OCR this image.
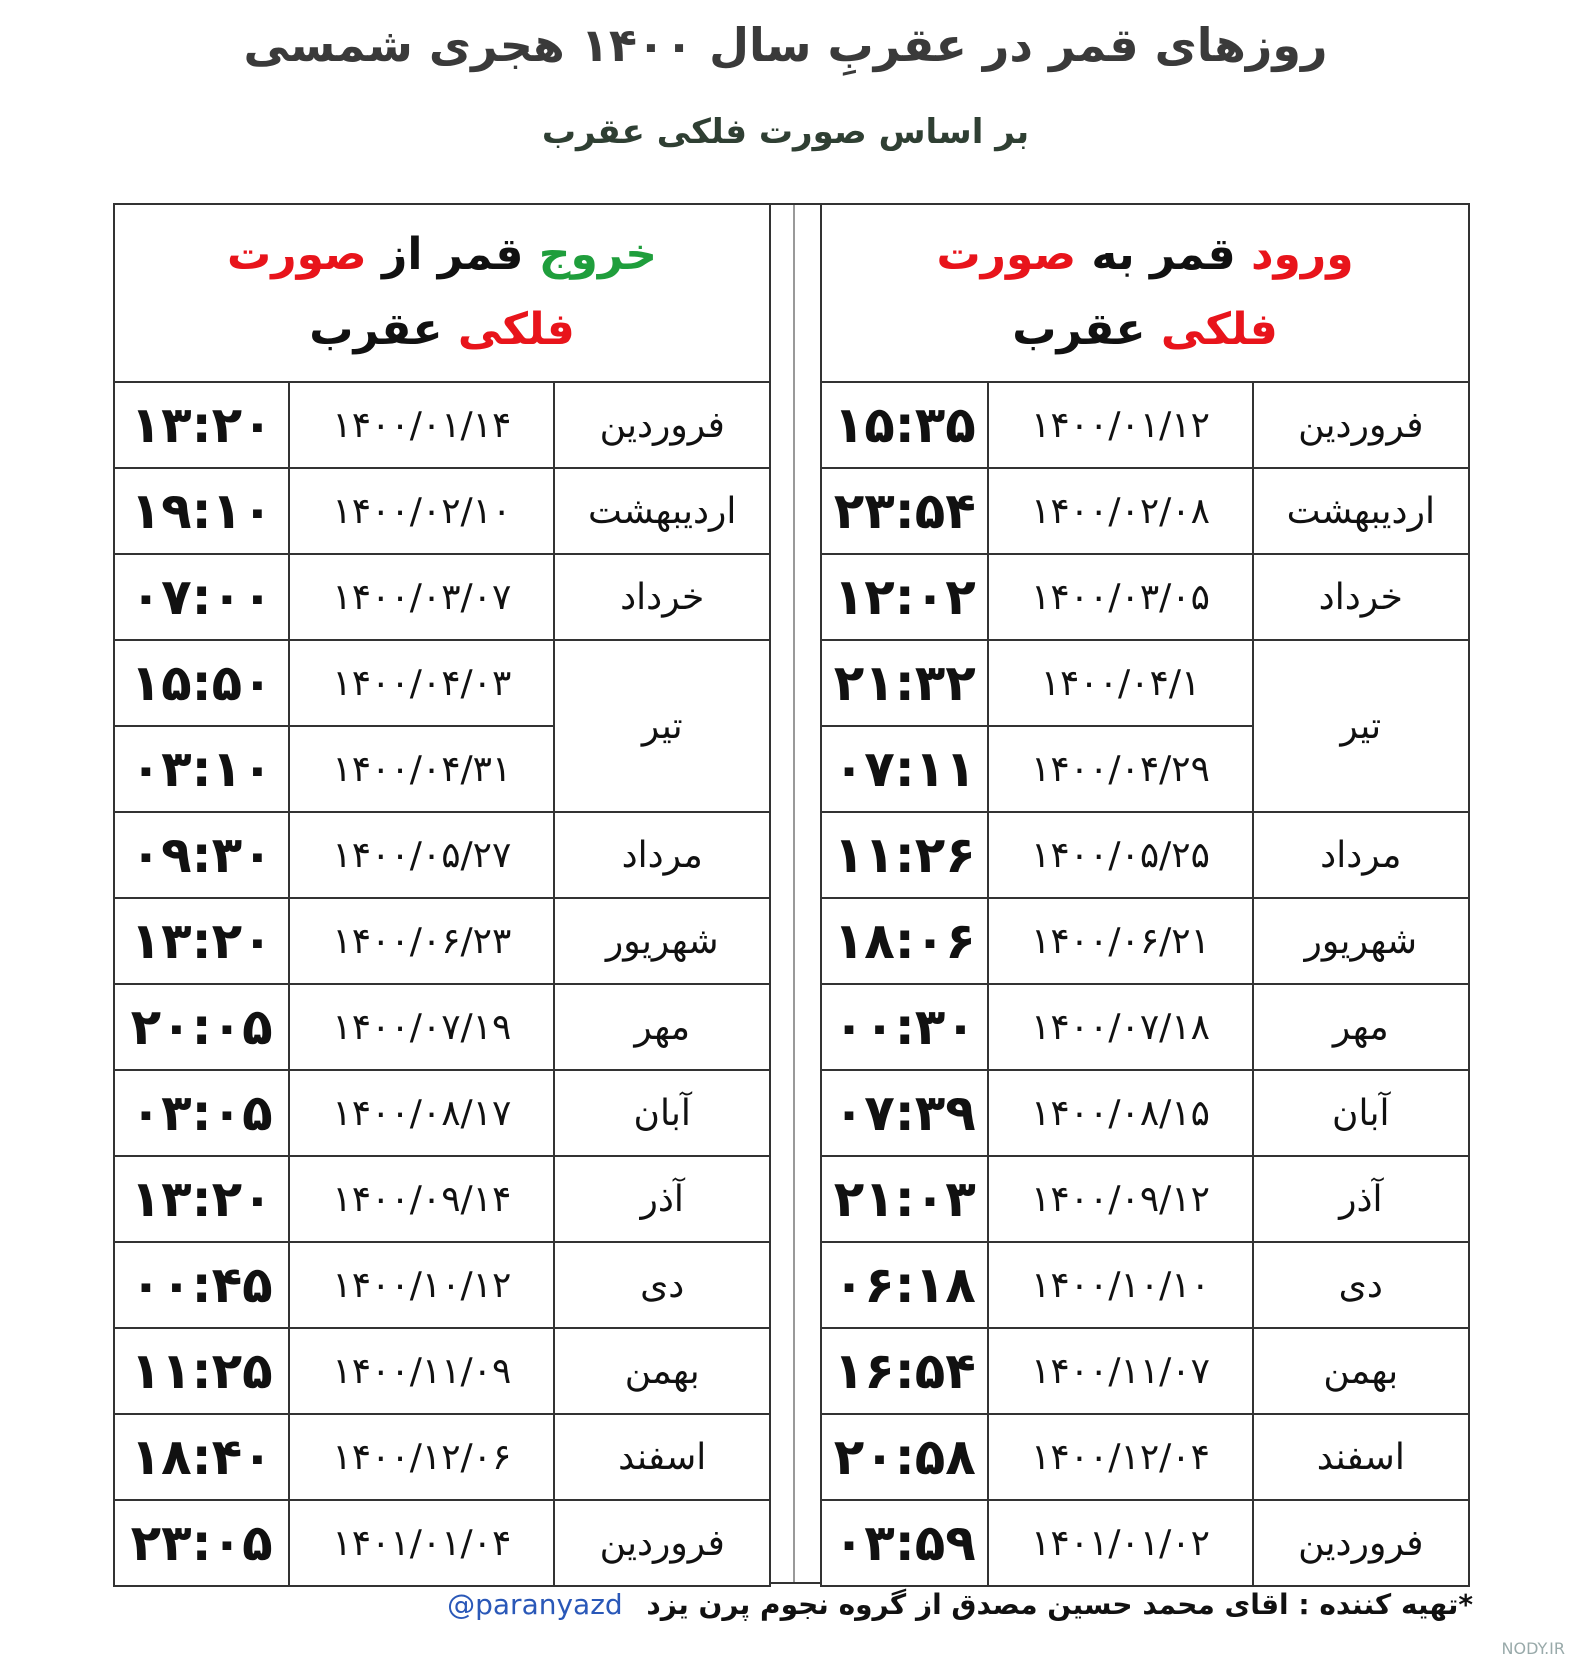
روزهای قمر در عقربِ سال ۱۴۰۰ هجری شمسی
بر اساس صورت فلکی عقرب
ورود قمر به صورت
فلکی عقرب		
فروردین	۱۴۰۰/۰۱/۱۲	۱۵:۳۵
اردیبهشت	۱۴۰۰/۰۲/۰۸	۲۳:۵۴
خرداد	۱۴۰۰/۰۳/۰۵	۱۲:۰۲
تیر	۱۴۰۰/۰۴/۱	۲۱:۳۲
	۱۴۰۰/۰۴/۲۹	۰۷:۱۱
مرداد	۱۴۰۰/۰۵/۲۵	۱۱:۲۶
شهریور	۱۴۰۰/۰۶/۲۱	۱۸:۰۶
مهر	۱۴۰۰/۰۷/۱۸	۰۰:۳۰
آبان	۱۴۰۰/۰۸/۱۵	۰۷:۳۹
آذر	۱۴۰۰/۰۹/۱۲	۲۱:۰۳
دی	۱۴۰۰/۱۰/۱۰	۰۶:۱۸
بهمن	۱۴۰۰/۱۱/۰۷	۱۶:۵۴
اسفند	۱۴۰۰/۱۲/۰۴	۲۰:۵۸
فروردین	۱۴۰۱/۰۱/۰۲	۰۳:۵۹
خروج قمر از صورت
فلکی عقرب		
فروردین	۱۴۰۰/۰۱/۱۴	۱۳:۲۰
اردیبهشت	۱۴۰۰/۰۲/۱۰	۱۹:۱۰
خرداد	۱۴۰۰/۰۳/۰۷	۰۷:۰۰
تیر	۱۴۰۰/۰۴/۰۳	۱۵:۵۰
	۱۴۰۰/۰۴/۳۱	۰۳:۱۰
مرداد	۱۴۰۰/۰۵/۲۷	۰۹:۳۰
شهریور	۱۴۰۰/۰۶/۲۳	۱۳:۲۰
مهر	۱۴۰۰/۰۷/۱۹	۲۰:۰۵
آبان	۱۴۰۰/۰۸/۱۷	۰۳:۰۵
آذر	۱۴۰۰/۰۹/۱۴	۱۳:۲۰
دی	۱۴۰۰/۱۰/۱۲	۰۰:۴۵
بهمن	۱۴۰۰/۱۱/۰۹	۱۱:۲۵
اسفند	۱۴۰۰/۱۲/۰۶	۱۸:۴۰
فروردین	۱۴۰۱/۰۱/۰۴	۲۳:۰۵
*تهیه کننده : اقای محمد حسین مصدق از گروه نجوم پرن یزد @paranyazd
NODY.IR
